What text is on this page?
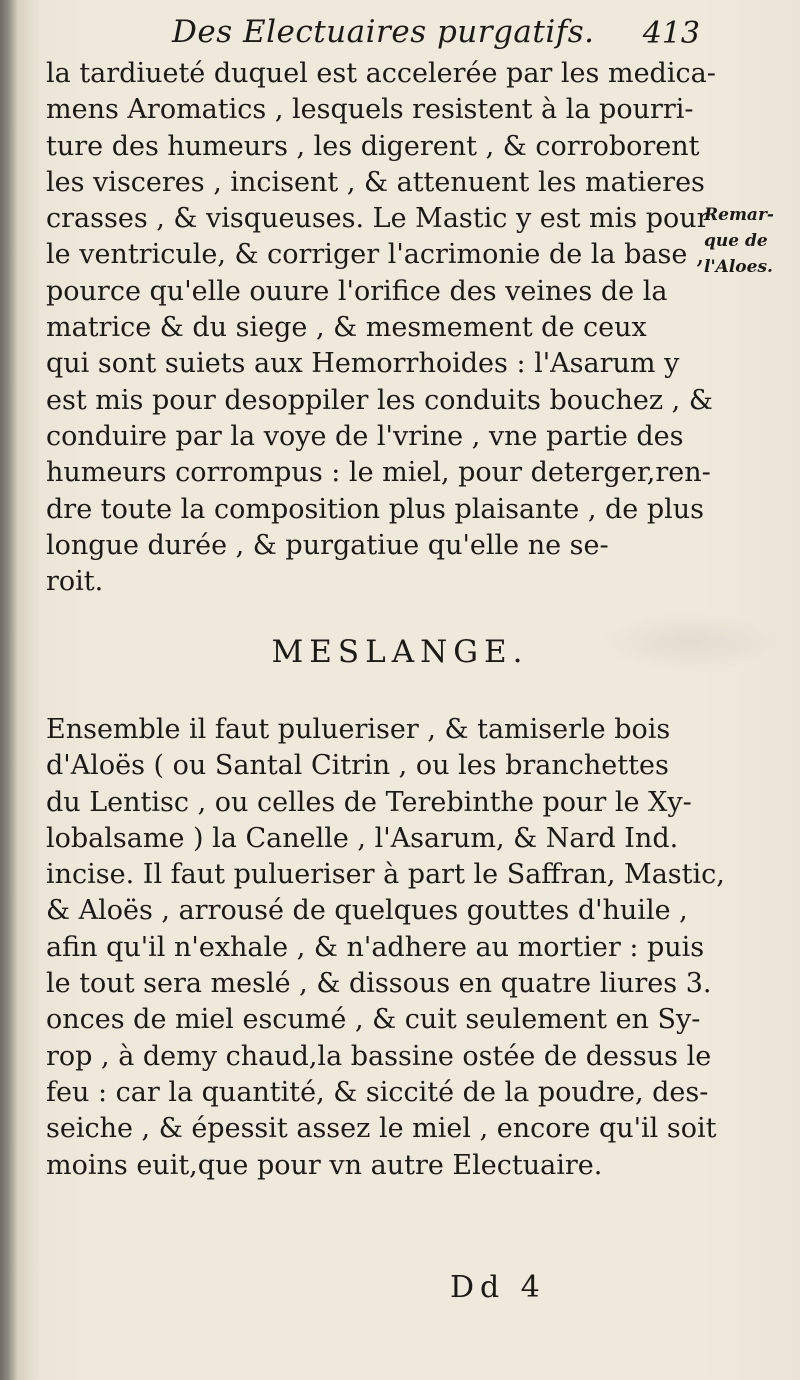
Des Electuaires purgatifs. 413
la tardiueté duquel est accelerée par les medica-
mens Aromatics , lesquels resistent à la pourri-
ture des humeurs , les digerent , & corroborent
les visceres , incisent , & attenuent les matieres
crasses , & visqueuses. Le Mastic y est mis pour
le ventricule, & corriger l'acrimonie de la base ,
pource qu'elle ouure l'orifice des veines de la
matrice & du siege , & mesmement de ceux
qui sont suiets aux Hemorrhoides : l'Asarum y
est mis pour desoppiler les conduits bouchez , &
conduire par la voye de l'vrine , vne partie des
humeurs corrompus : le miel, pour deterger,ren-
dre toute la composition plus plaisante , de plus
longue durée , & purgatiue qu'elle ne se-
roit.
Remar-
que de
l'Aloes.
MESLANGE.
Ensemble il faut pulueriser , & tamiserle bois
d'Aloës ( ou Santal Citrin , ou les branchettes
du Lentisc , ou celles de Terebinthe pour le Xy-
lobalsame ) la Canelle , l'Asarum, & Nard Ind.
incise. Il faut pulueriser à part le Saffran, Mastic,
& Aloës , arrousé de quelques gouttes d'huile ,
afin qu'il n'exhale , & n'adhere au mortier : puis
le tout sera meslé , & dissous en quatre liures 3.
onces de miel escumé , & cuit seulement en Sy-
rop , à demy chaud,la bassine ostée de dessus le
feu : car la quantité, & siccité de la poudre, des-
seiche , & épessit assez le miel , encore qu'il soit
moins euit,que pour vn autre Electuaire.
Dd 4
